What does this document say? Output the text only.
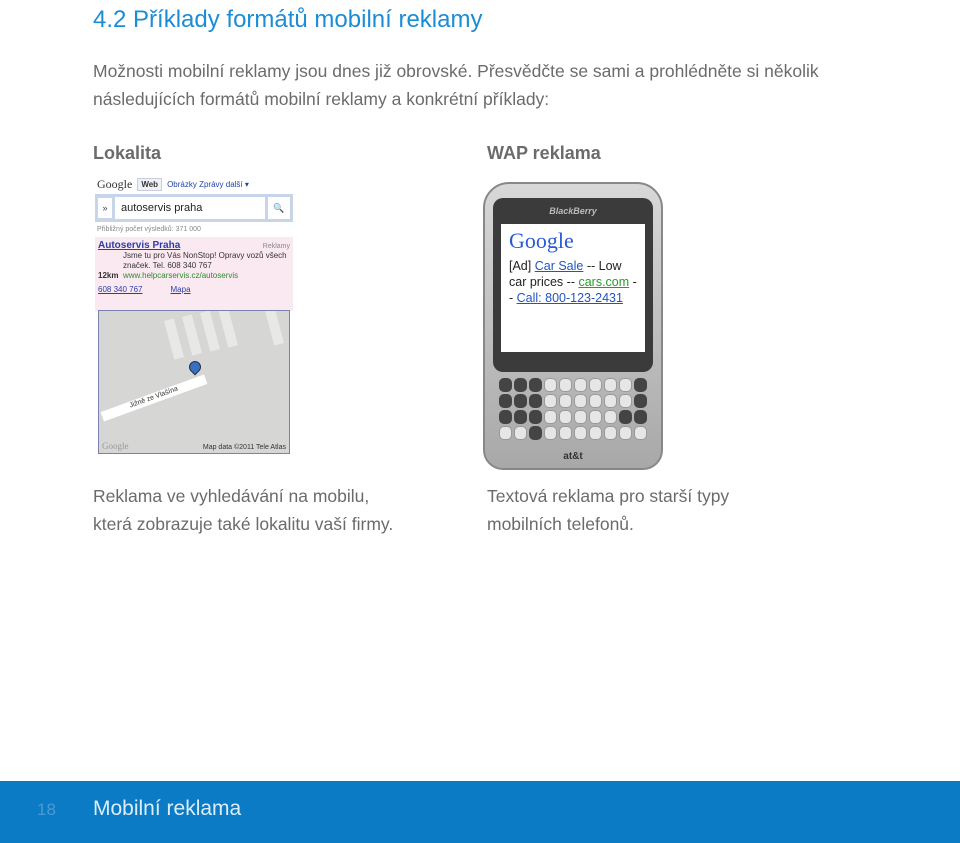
4.2 Příklady formátů mobilní reklamy
Možnosti mobilní reklamy jsou dnes již obrovské. Přesvědčte se sami a prohlédněte si několik následujících formátů mobilní reklamy a konkrétní příklady:
Lokalita	WAP reklama
Google	Web	Obrázky Zprávy další ▾
»	autoservis praha	🔍
Přibližný počet výsledků: 371 000
Autoservis Praha	Reklamy
Jsme tu pro Vás NonStop! Opravy vozů všech značek. Tel. 608 340 767
12km www.helpcarservis.cz/autoservis
608 340 767	Mapa
Jižně ze Vlašína
Google	Map data ©2011 Tele Atlas
BlackBerry
Google
[Ad] Car Sale -- Low car prices -- cars.com -- Call: 800-123-2431
at&t
Reklama ve vyhledávání na mobilu,
která zobrazuje také lokalitu vaší firmy.
Textová reklama pro starší typy
mobilních telefonů.
18 Mobilní reklama
